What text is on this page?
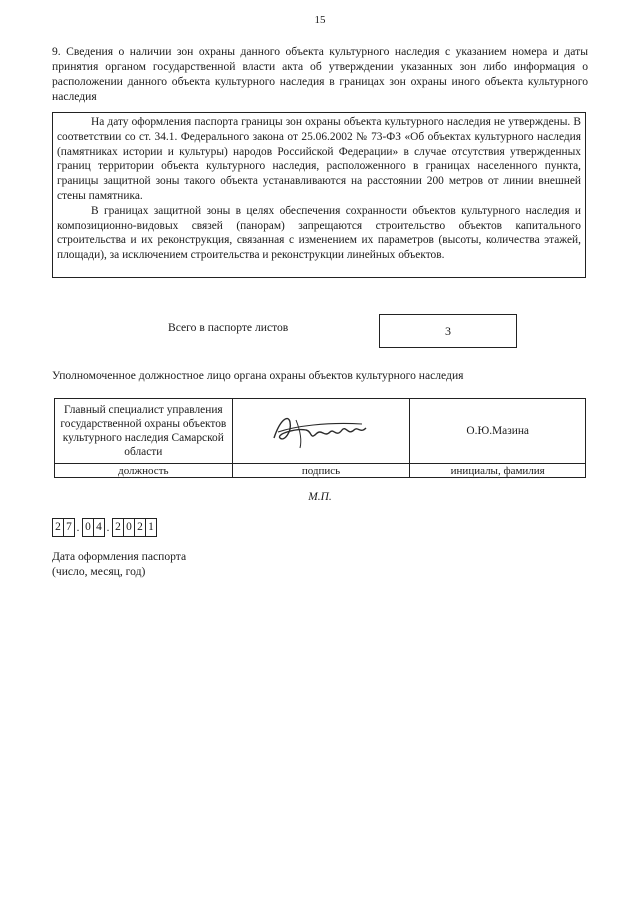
15
9. Сведения о наличии зон охраны данного объекта культурного наследия с указанием номера и даты принятия органом государственной власти акта об утверждении указанных зон либо информация о расположении данного объекта культурного наследия в границах зон охраны иного объекта культурного наследия

На дату оформления паспорта границы зон охраны объекта культурного наследия не утверждены. В соответствии со ст. 34.1. Федерального закона от 25.06.2002 № 73-ФЗ «Об объектах культурного наследия (памятниках истории и культуры) народов Российской Федерации» в случае отсутствия утвержденных границ территории объекта культурного наследия, расположенного в границах населенного пункта, границы защитной зоны такого объекта устанавливаются на расстоянии 200 метров от линии внешней стены памятника.

В границах защитной зоны в целях обеспечения сохранности объектов культурного наследия и композиционно-видовых связей (панорам) запрещаются строительство объектов капитального строительства и их реконструкция, связанная с изменением их параметров (высоты, количества этажей, площади), за исключением строительства и реконструкции линейных объектов.

Всего в паспорте листов	3
Уполномоченное должностное лицо органа охраны объектов культурного наследия
Главный специалист управления государственной охраны объектов культурного наследия Самарской области		О.Ю.Мазина
должность	подпись	инициалы, фамилия
М.П.
2 7 . 0 4 . 2 0 2 1
Дата оформления паспорта
(число, месяц, год)
